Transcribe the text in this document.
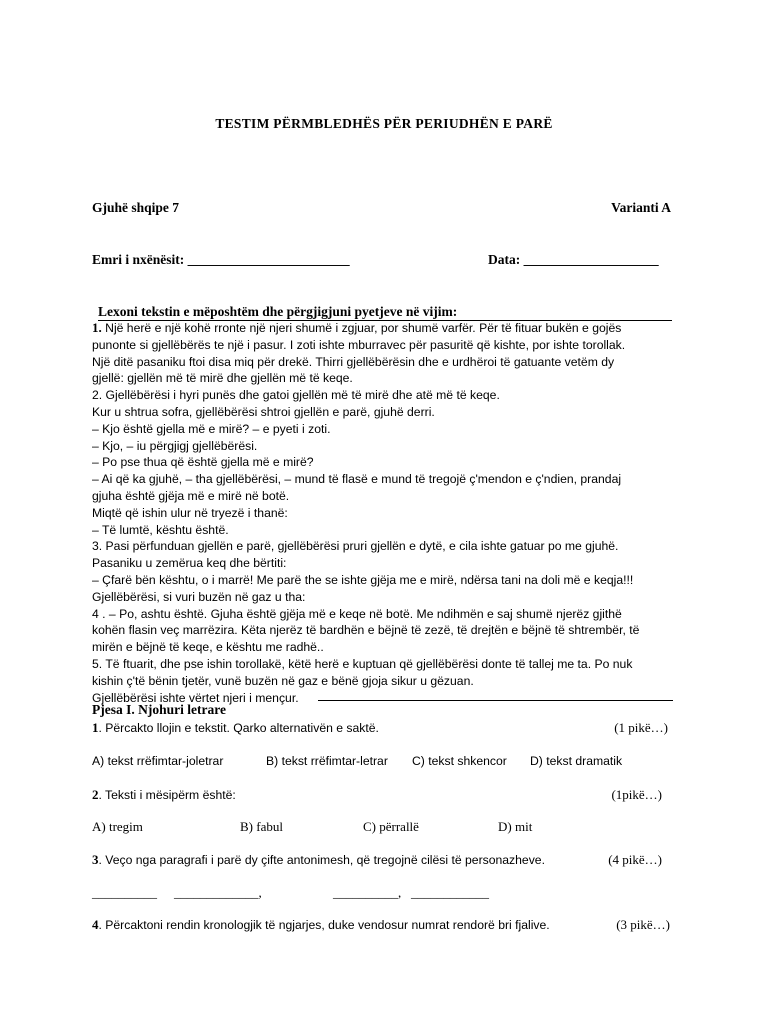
TESTIM PËRMBLEDHËS PËR PERIUDHËN E PARË
Gjuhë shqipe 7	Varianti A
Emri i nxënësit: ________________________	Data: ____________________
Lexoni tekstin e mëposhtëm dhe përgjigjuni pyetjeve në vijim:
1. Një herë e një kohë rronte një njeri shumë i zgjuar, por shumë varfër. Për të fituar bukën e gojës
punonte si gjellëbërës te një i pasur. I zoti ishte mburravec për pasuritë që kishte, por ishte torollak.
Një ditë pasaniku ftoi disa miq për drekë. Thirri gjellëbërësin dhe e urdhëroi të gatuante vetëm dy
gjellë: gjellën më të mirë dhe gjellën më të keqe.
2. Gjellëbërësi i hyri punës dhe gatoi gjellën më të mirë dhe atë më të keqe.
Kur u shtrua sofra, gjellëbërësi shtroi gjellën e parë, gjuhë derri.
– Kjo është gjella më e mirë? – e pyeti i zoti.
– Kjo, – iu përgjigj gjellëbërësi.
– Po pse thua që është gjella më e mirë?
– Ai që ka gjuhë, – tha gjellëbërësi, – mund të flasë e mund të tregojë ç'mendon e ç'ndien, prandaj
gjuha është gjëja më e mirë në botë.
Miqtë që ishin ulur në tryezë i thanë:
– Të lumtë, kështu është.
3. Pasi përfunduan gjellën e parë, gjellëbërësi pruri gjellën e dytë, e cila ishte gatuar po me gjuhë.
Pasaniku u zemërua keq dhe bërtiti:
– Çfarë bën kështu, o i marrë! Me parë the se ishte gjëja me e mirë, ndërsa tani na doli më e keqja!!!
Gjellëbërësi, si vuri buzën në gaz u tha:
4 . – Po, ashtu është. Gjuha është gjëja më e keqe në botë. Me ndihmën e saj shumë njerëz gjithë
kohën flasin veç marrëzira. Këta njerëz të bardhën e bëjnë të zezë, të drejtën e bëjnë të shtrembër, të
mirën e bëjnë të keqe, e kështu me radhë..
5. Të ftuarit, dhe pse ishin torollakë, këtë herë e kuptuan që gjellëbërësi donte të tallej me ta. Po nuk
kishin ç'të bënin tjetër, vunë buzën në gaz e bënë gjoja sikur u gëzuan.
Gjellëbërësi ishte vërtet njeri i mençur.
Pjesa I. Njohuri letrare
1. Përcakto llojin e tekstit. Qarko alternativën e saktë.	(1 pikë…)
A) tekst rrëfimtar-joletrar	B) tekst rrëfimtar-letrar C) tekst shkencor D) tekst dramatik
2. Teksti i mësipërm është:	(1pikë…)
A) tregim	B) fabul	C) përrallë	D) mit
3. Veço nga paragrafi i parë dy çifte antonimesh, që tregojnë cilësi të personazheve.	(4 pikë…)
__________ _____________,	__________, ____________
4. Përcaktoni rendin kronologjik të ngjarjes, duke vendosur numrat rendorë bri fjalive.	(3 pikë…)
